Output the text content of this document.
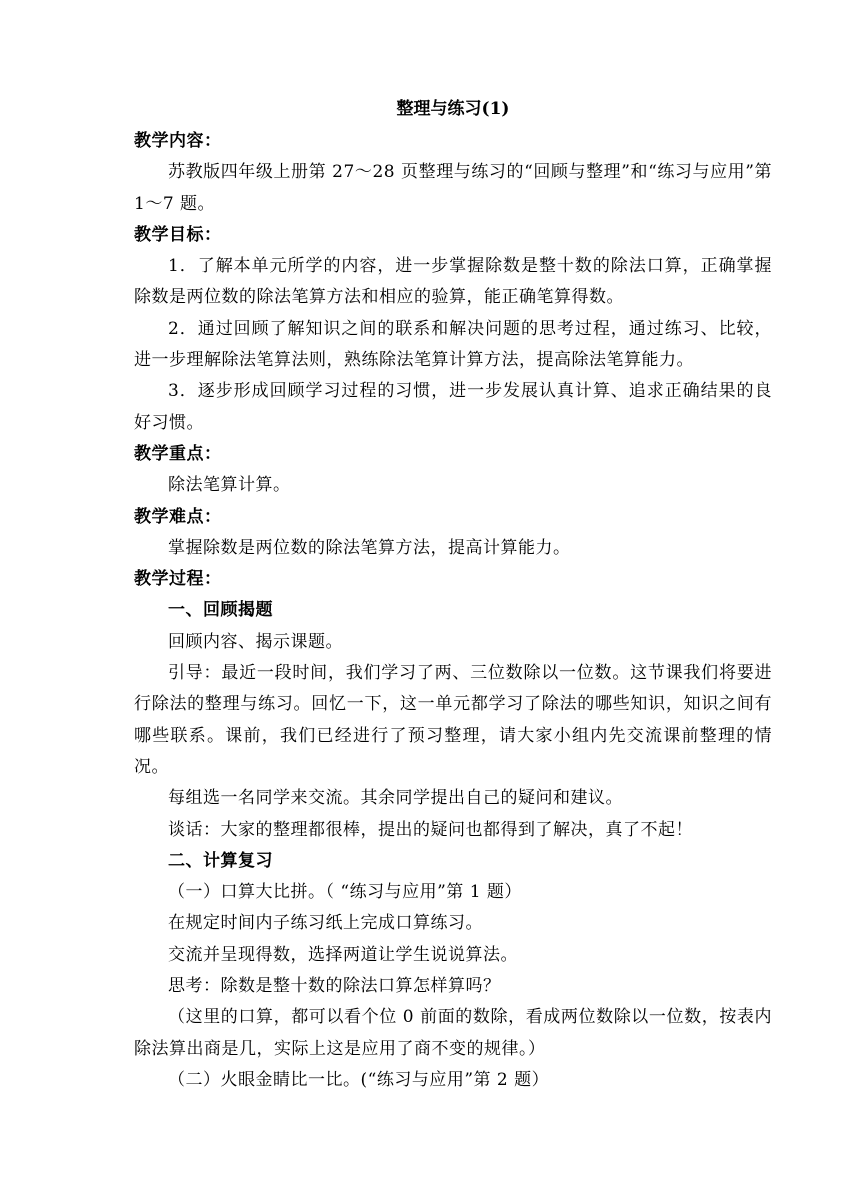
整理与练习(1)

教学内容：

苏教版四年级上册第 27～28 页整理与练习的“回顾与整理”和“练习与应用”第 1～7 题。

教学目标：

1．了解本单元所学的内容，进一步掌握除数是整十数的除法口算，正确掌握除数是两位数的除法笔算方法和相应的验算，能正确笔算得数。

2．通过回顾了解知识之间的联系和解决问题的思考过程，通过练习、比较，进一步理解除法笔算法则，熟练除法笔算计算方法，提高除法笔算能力。

3．逐步形成回顾学习过程的习惯，进一步发展认真计算、追求正确结果的良好习惯。

教学重点：

除法笔算计算。

教学难点：

掌握除数是两位数的除法笔算方法，提高计算能力。

教学过程：

一、回顾揭题

回顾内容、揭示课题。

引导：最近一段时间，我们学习了两、三位数除以一位数。这节课我们将要进行除法的整理与练习。回忆一下，这一单元都学习了除法的哪些知识，知识之间有哪些联系。课前，我们已经进行了预习整理，请大家小组内先交流课前整理的情况。

每组选一名同学来交流。其余同学提出自己的疑问和建议。

谈话：大家的整理都很棒，提出的疑问也都得到了解决，真了不起！

二、计算复习

（一）口算大比拼。（ “练习与应用”第 1 题）

在规定时间内子练习纸上完成口算练习。

交流并呈现得数，选择两道让学生说说算法。

思考：除数是整十数的除法口算怎样算吗？

（这里的口算，都可以看个位 0 前面的数除，看成两位数除以一位数，按表内除法算出商是几，实际上这是应用了商不变的规律。）

（二）火眼金睛比一比。(“练习与应用”第 2 题）
